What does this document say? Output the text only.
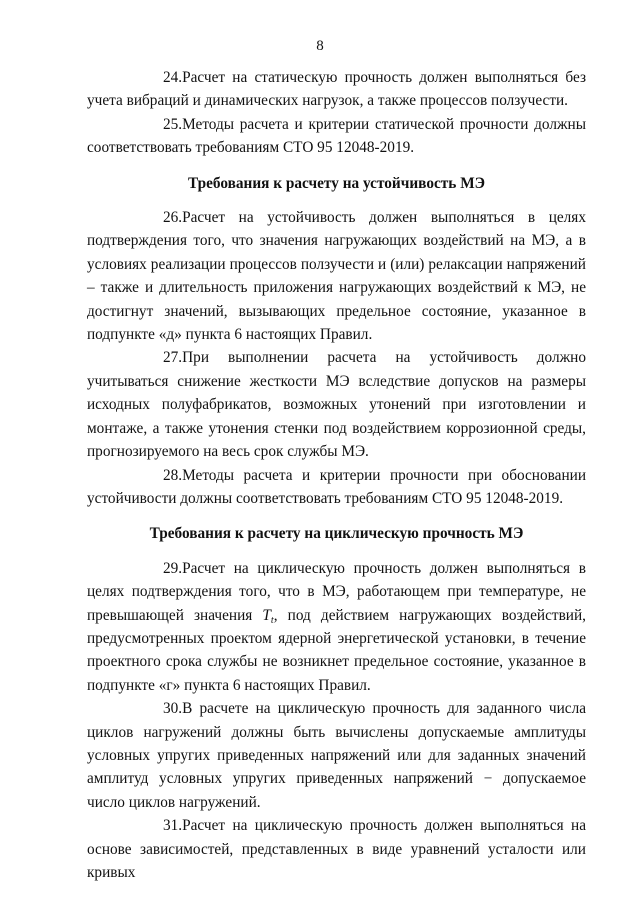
8

24.Расчет на статическую прочность должен выполняться без учета вибраций и динамических нагрузок, а также процессов ползучести.

25.Методы расчета и критерии статической прочности должны соответствовать требованиям СТО 95 12048-2019.

Требования к расчету на устойчивость МЭ

26.Расчет на устойчивость должен выполняться в целях подтверждения того, что значения нагружающих воздействий на МЭ, а в условиях реализации процессов ползучести и (или) релаксации напряжений – также и длительность приложения нагружающих воздействий к МЭ, не достигнут значений, вызывающих предельное состояние, указанное в подпункте «д» пункта 6 настоящих Правил.

27.При выполнении расчета на устойчивость должно учитываться снижение жесткости МЭ вследствие допусков на размеры исходных полуфабрикатов, возможных утонений при изготовлении и монтаже, а также утонения стенки под воздействием коррозионной среды, прогнозируемого на весь срок службы МЭ.

28.Методы расчета и критерии прочности при обосновании устойчивости должны соответствовать требованиям СТО 95 12048-2019.

Требования к расчету на циклическую прочность МЭ

29.Расчет на циклическую прочность должен выполняться в целях подтверждения того, что в МЭ, работающем при температуре, не превышающей значения $T_t$, под действием нагружающих воздействий, предусмотренных проектом ядерной энергетической установки, в течение проектного срока службы не возникнет предельное состояние, указанное в подпункте «г» пункта 6 настоящих Правил.

30.В расчете на циклическую прочность для заданного числа циклов нагружений должны быть вычислены допускаемые амплитуды условных упругих приведенных напряжений или для заданных значений амплитуд условных упругих приведенных напряжений − допускаемое число циклов нагружений.

31.Расчет на циклическую прочность должен выполняться на основе зависимостей, представленных в виде уравнений усталости или кривых
